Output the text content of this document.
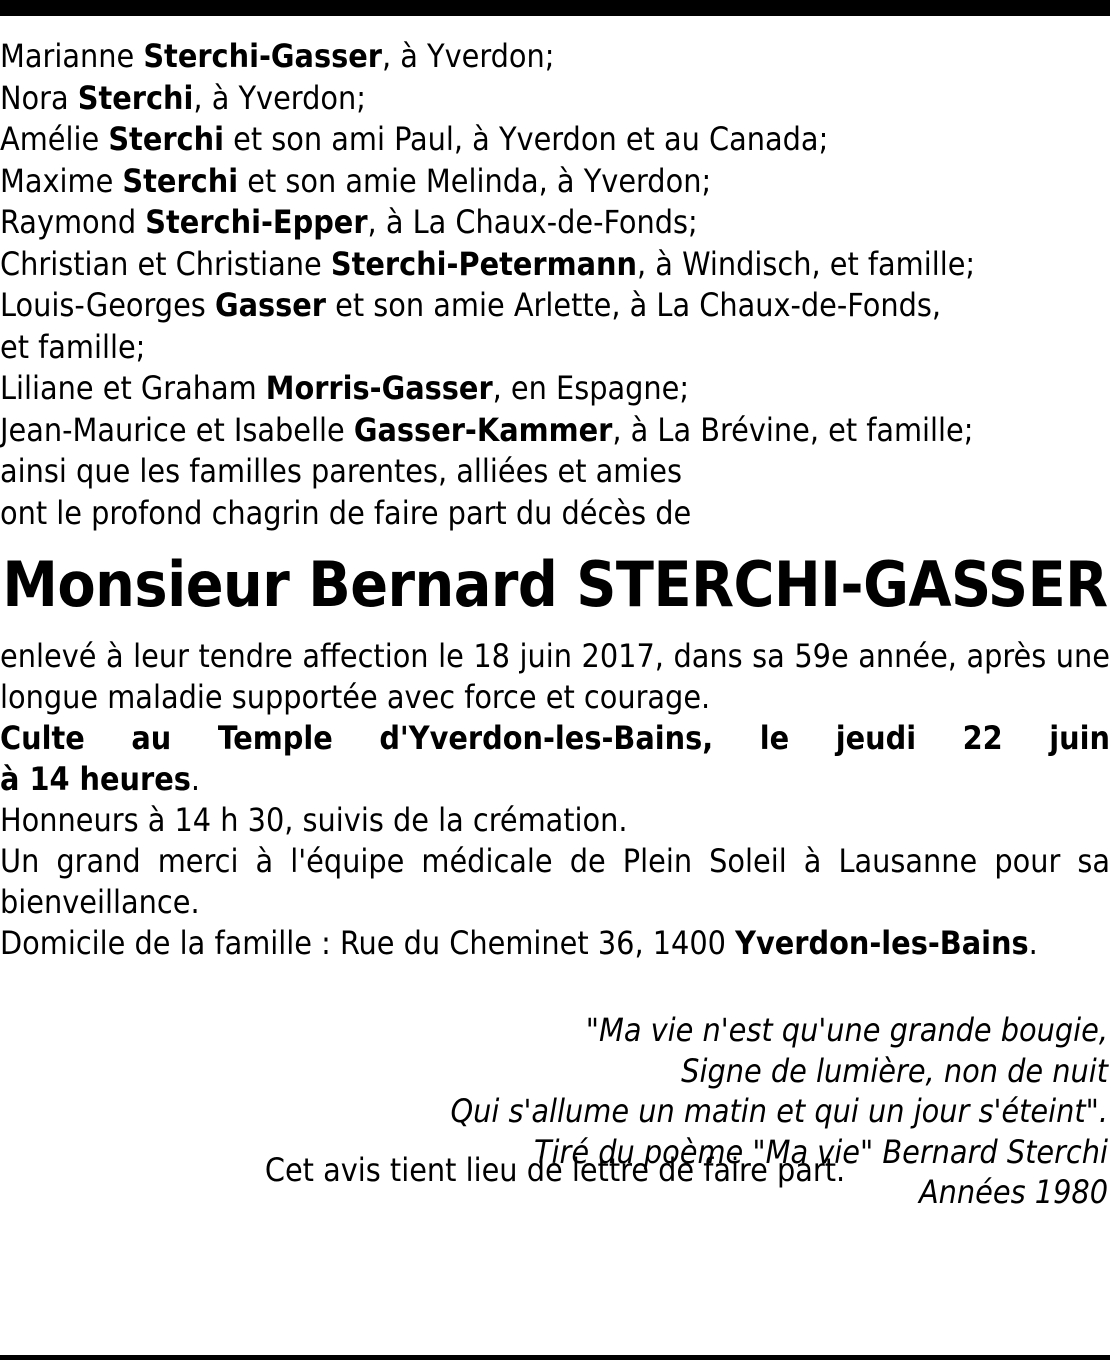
Marianne Sterchi-Gasser, à Yverdon;
Nora Sterchi, à Yverdon;
Amélie Sterchi et son ami Paul, à Yverdon et au Canada;
Maxime Sterchi et son amie Melinda, à Yverdon;
Raymond Sterchi-Epper, à La Chaux-de-Fonds;
Christian et Christiane Sterchi-Petermann, à Windisch, et famille;
Louis-Georges Gasser et son amie Arlette, à La Chaux-de-Fonds,
et famille;
Liliane et Graham Morris-Gasser, en Espagne;
Jean-Maurice et Isabelle Gasser-Kammer, à La Brévine, et famille;
ainsi que les familles parentes, alliées et amies
ont le profond chagrin de faire part du décès de
Monsieur Bernard STERCHI-GASSER

enlevé à leur tendre affection le 18 juin 2017, dans sa 59e année, après une longue maladie supportée avec force et courage.

Culte au Temple d'Yverdon-les-Bains, le jeudi 22 juin

à 14 heures.

Honneurs à 14 h 30, suivis de la crémation.

Un grand merci à l'équipe médicale de Plein Soleil à Lausanne pour sa bienveillance.

Domicile de la famille : Rue du Cheminet 36, 1400 Yverdon-les-Bains.

"Ma vie n'est qu'une grande bougie,
Signe de lumière, non de nuit
Qui s'allume un matin et qui un jour s'éteint".
Tiré du poème "Ma vie" Bernard Sterchi
Années 1980
Cet avis tient lieu de lettre de faire part.
